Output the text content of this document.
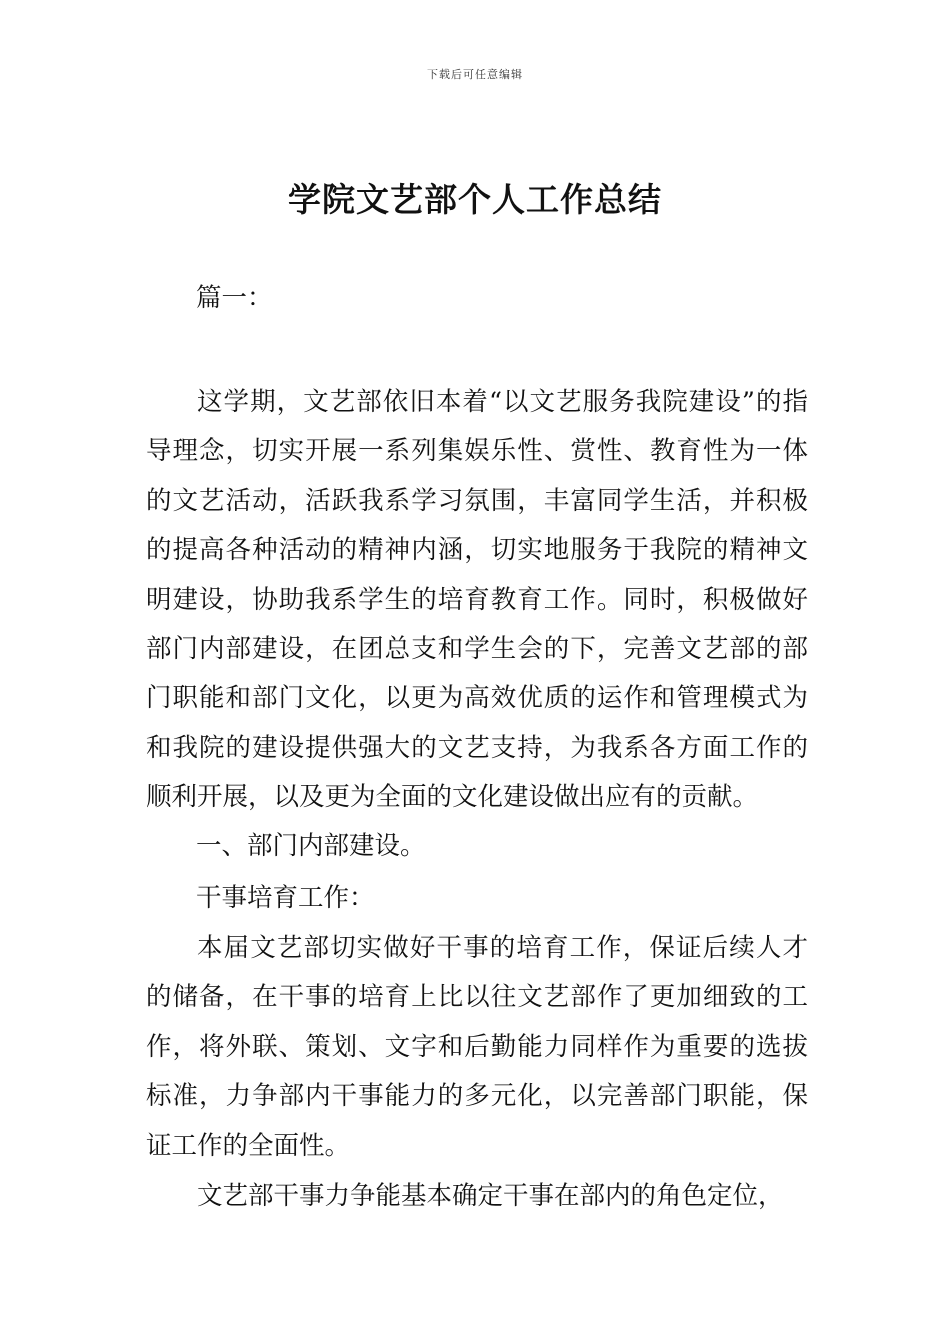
下载后可任意编辑
学院文艺部个人工作总结

篇一：

这学期，文艺部依旧本着“以文艺服务我院建设”的指导理念，切实开展一系列集娱乐性、赏性、教育性为一体的文艺活动，活跃我系学习氛围，丰富同学生活，并积极的提高各种活动的精神内涵，切实地服务于我院的精神文明建设，协助我系学生的培育教育工作。同时，积极做好部门内部建设，在团总支和学生会的下，完善文艺部的部门职能和部门文化，以更为高效优质的运作和管理模式为和我院的建设提供强大的文艺支持，为我系各方面工作的顺利开展，以及更为全面的文化建设做出应有的贡献。

一、部门内部建设。

干事培育工作：

本届文艺部切实做好干事的培育工作，保证后续人才的储备，在干事的培育上比以往文艺部作了更加细致的工作，将外联、策划、文字和后勤能力同样作为重要的选拔标准，力争部内干事能力的多元化，以完善部门职能，保证工作的全面性。

文艺部干事力争能基本确定干事在部内的角色定位，
